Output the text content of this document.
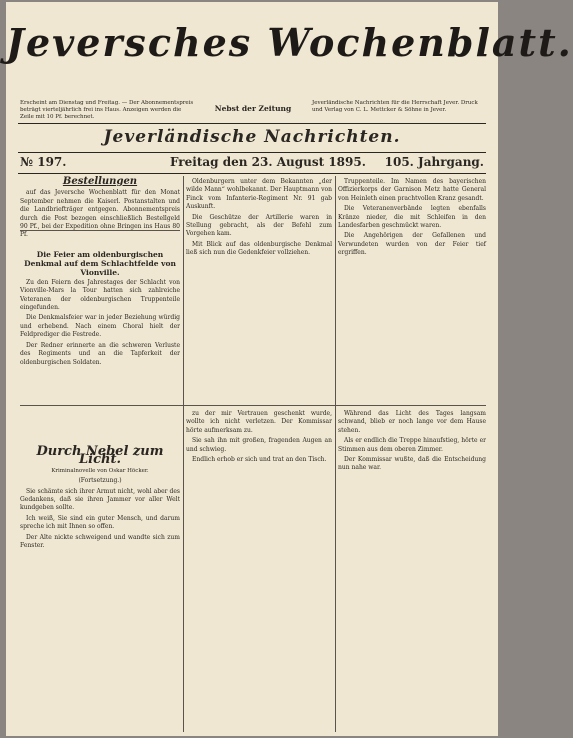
Jeversches Wochenblatt.
Erscheint am Dienstag und Freitag. — Der Abonnementspreis beträgt vierteljährlich frei ins Haus. Anzeigen werden die Zeile mit 10 Pf. berechnet.
Nebst der Zeitung
Jeverländische Nachrichten für die Herrschaft Jever. Druck und Verlag von C. L. Mettcker & Söhne in Jever.
Jeverländische Nachrichten.
№ 197.	Freitag den 23. August 1895. 105. Jahrgang.
Bestellungen

auf das Jeversche Wochenblatt für den Monat September nehmen die Kaiserl. Postanstalten und die Landbriefträger entgegen. Abonnementspreis durch die Post bezogen einschließlich Bestellgeld 90 Pf., bei der Expedition ohne Bringen ins Haus 80 Pf.

Die Feier am oldenburgischen Denkmal auf dem Schlachtfelde von Vionville.

Zu den Feiern des Jahrestages der Schlacht von Vionville-Mars la Tour hatten sich zahlreiche Veteranen der oldenburgischen Truppenteile eingefunden.

Die Denkmalsfeier war in jeder Beziehung würdig und erhebend. Nach einem Choral hielt der Feldprediger die Festrede.

Der Redner erinnerte an die schweren Verluste des Regiments und an die Tapferkeit der oldenburgischen Soldaten.

Oldenburgern unter dem Bekannten „der wilde Mann“ wohlbekannt. Der Hauptmann von Finck vom Infanterie-Regiment Nr. 91 gab Auskunft.

Die Geschütze der Artillerie waren in Stellung gebracht, als der Befehl zum Vorgehen kam.

Mit Blick auf das oldenburgische Denkmal ließ sich nun die Gedenkfeier vollziehen.

Truppenteile. Im Namen des bayerischen Offizierkorps der Garnison Metz hatte General von Heinleth einen prachtvollen Kranz gesandt.

Die Veteranenverbände legten ebenfalls Kränze nieder, die mit Schleifen in den Landesfarben geschmückt waren.

Die Angehörigen der Gefallenen und Verwundeten wurden von der Feier tief ergriffen.

Durch Nebel zum Licht.
Kriminalnovelle von Oskar Höcker.
(Fortsetzung.)

Sie schämte sich ihrer Armut nicht, wohl aber des Gedankens, daß sie ihren Jammer vor aller Welt kundgeben sollte.

Ich weiß, Sie sind ein guter Mensch, und darum spreche ich mit Ihnen so offen.

Der Alte nickte schweigend und wandte sich zum Fenster.

zu der mir Vertrauen geschenkt wurde, wollte ich nicht verletzen. Der Kommissar hörte aufmerksam zu.

Sie sah ihn mit großen, fragenden Augen an und schwieg.

Endlich erhob er sich und trat an den Tisch.

Während das Licht des Tages langsam schwand, blieb er noch lange vor dem Hause stehen.

Als er endlich die Treppe hinaufstieg, hörte er Stimmen aus dem oberen Zimmer.

Der Kommissar wußte, daß die Entscheidung nun nahe war.
